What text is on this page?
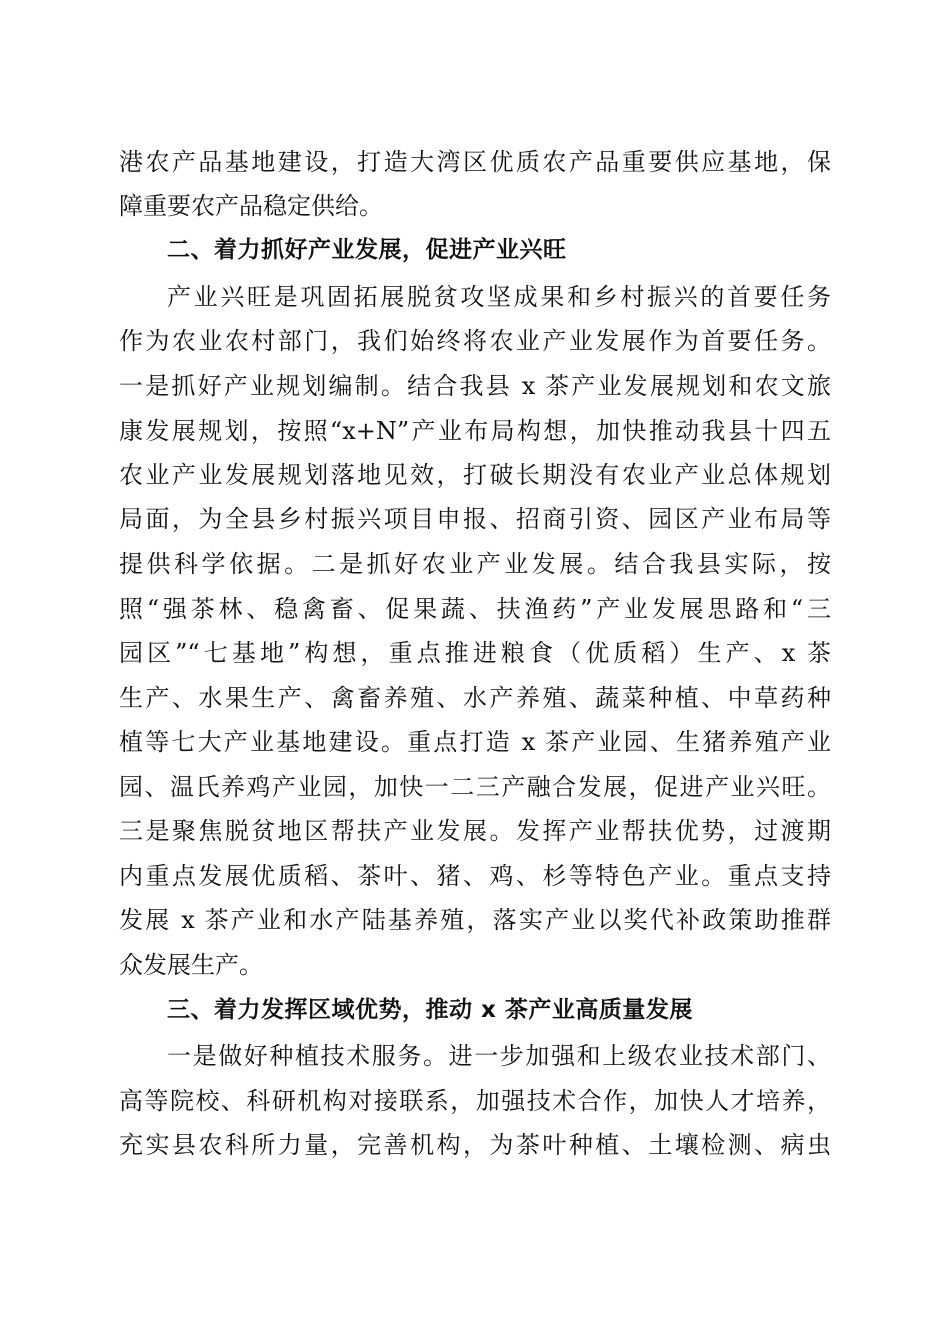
港农产品基地建设，打造大湾区优质农产品重要供应基地，保
障重要农产品稳定供给。
二、着力抓好产业发展，促进产业兴旺
产业兴旺是巩固拓展脱贫攻坚成果和乡村振兴的首要任务
作为农业农村部门，我们始终将农业产业发展作为首要任务。
一是抓好产业规划编制。结合我县 x 茶产业发展规划和农文旅
康发展规划，按照“x+N”产业布局构想，加快推动我县十四五
农业产业发展规划落地见效，打破长期没有农业产业总体规划
局面，为全县乡村振兴项目申报、招商引资、园区产业布局等
提供科学依据。二是抓好农业产业发展。结合我县实际，按
照“强茶林、稳禽畜、促果蔬、扶渔药”产业发展思路和“三
园区”“七基地”构想，重点推进粮食（优质稻）生产、x 茶
生产、水果生产、禽畜养殖、水产养殖、蔬菜种植、中草药种
植等七大产业基地建设。重点打造 x 茶产业园、生猪养殖产业
园、温氏养鸡产业园，加快一二三产融合发展，促进产业兴旺。
三是聚焦脱贫地区帮扶产业发展。发挥产业帮扶优势，过渡期
内重点发展优质稻、茶叶、猪、鸡、杉等特色产业。重点支持
发展 x 茶产业和水产陆基养殖，落实产业以奖代补政策助推群
众发展生产。
三、着力发挥区域优势，推动 x 茶产业高质量发展
一是做好种植技术服务。进一步加强和上级农业技术部门、
高等院校、科研机构对接联系，加强技术合作，加快人才培养，
充实县农科所力量，完善机构，为茶叶种植、土壤检测、病虫
